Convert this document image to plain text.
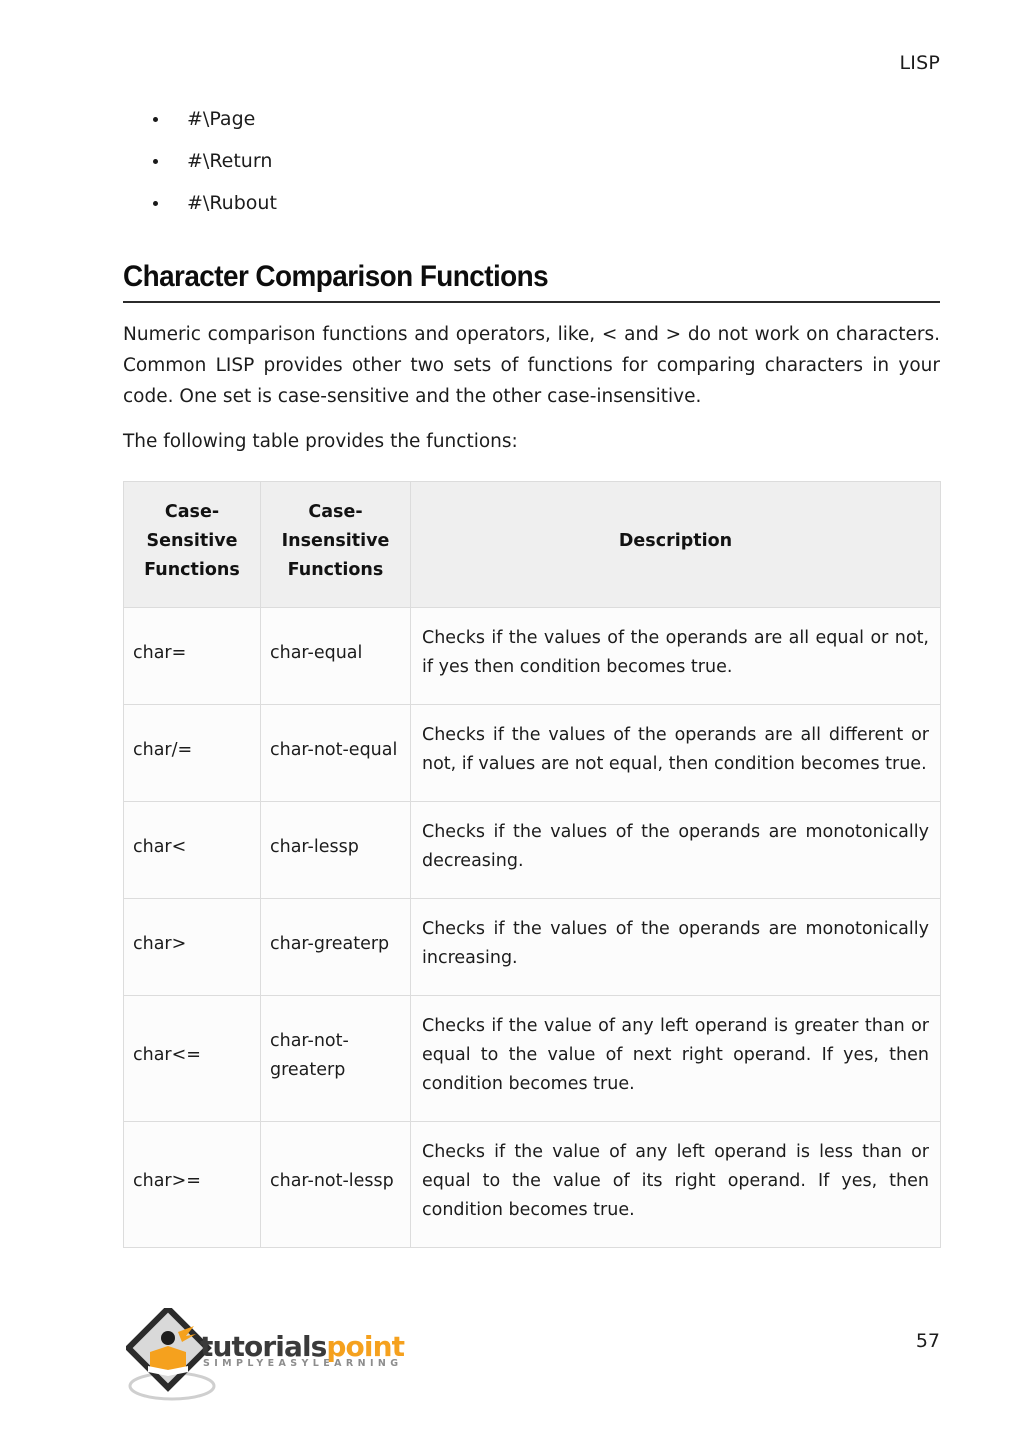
LISP
#\Page
#\Return
#\Rubout
Character Comparison Functions

Numeric comparison functions and operators, like, < and > do not work on characters. Common LISP provides other two sets of functions for comparing characters in your code. One set is case-sensitive and the other case-insensitive.

The following table provides the functions:

Case-Sensitive Functions	Case-Insensitive Functions	Description
char=	char-equal	Checks if the values of the operands are all equal or not, if yes then condition becomes true.
char/=	char-not-equal	Checks if the values of the operands are all different or not, if values are not equal, then condition becomes true.
char<	char-lessp	Checks if the values of the operands are monotonically decreasing.
char>	char-greaterp	Checks if the values of the operands are monotonically increasing.
char<=	char-not-greaterp	Checks if the value of any left operand is greater than or equal to the value of next right operand. If yes, then condition becomes true.
char>=	char-not-lessp	Checks if the value of any left operand is less than or equal to the value of its right operand. If yes, then condition becomes true.
tutorialspoint
SIMPLYEASYLEARNING
57
